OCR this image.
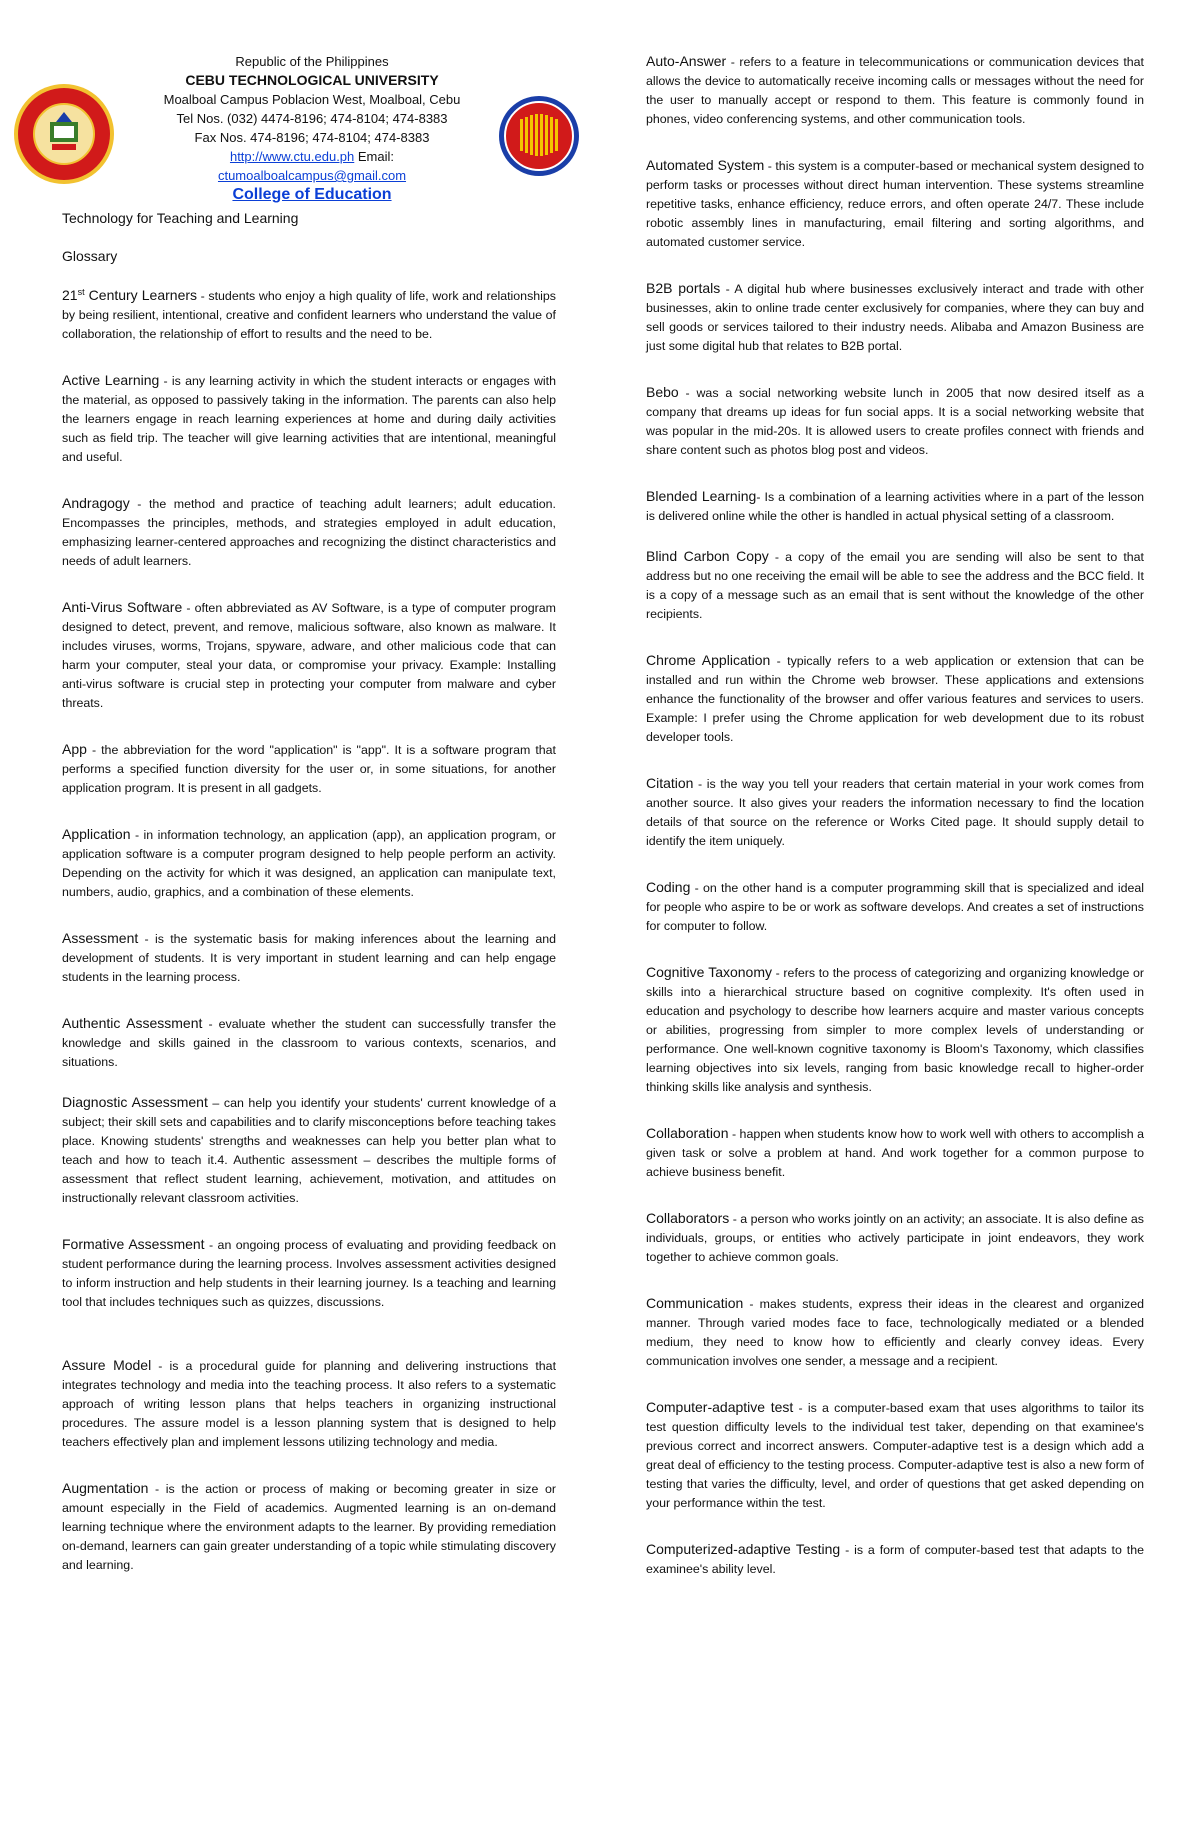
Republic of the Philippines
CEBU TECHNOLOGICAL UNIVERSITY
Moalboal Campus Poblacion West, Moalboal, Cebu
Tel Nos. (032) 4474-8196; 474-8104; 474-8383
Fax Nos. 474-8196; 474-8104; 474-8383
http://www.ctu.edu.ph Email:
ctumoalboalcampus@gmail.com
College of Education
Technology for Teaching and Learning
Glossary

21st Century Learners - students who enjoy a high quality of life, work and relationships by being resilient, intentional, creative and confident learners who understand the value of collaboration, the relationship of effort to results and the need to be.

Active Learning - is any learning activity in which the student interacts or engages with the material, as opposed to passively taking in the information. The parents can also help the learners engage in reach learning experiences at home and during daily activities such as field trip. The teacher will give learning activities that are intentional, meaningful and useful.

Andragogy - the method and practice of teaching adult learners; adult education. Encompasses the principles, methods, and strategies employed in adult education, emphasizing learner-centered approaches and recognizing the distinct characteristics and needs of adult learners.

Anti-Virus Software - often abbreviated as AV Software, is a type of computer program designed to detect, prevent, and remove, malicious software, also known as malware. It includes viruses, worms, Trojans, spyware, adware, and other malicious code that can harm your computer, steal your data, or compromise your privacy. Example: Installing anti-virus software is crucial step in protecting your computer from malware and cyber threats.

App - the abbreviation for the word "application" is "app". It is a software program that performs a specified function diversity for the user or, in some situations, for another application program. It is present in all gadgets.

Application - in information technology, an application (app), an application program, or application software is a computer program designed to help people perform an activity. Depending on the activity for which it was designed, an application can manipulate text, numbers, audio, graphics, and a combination of these elements.

Assessment - is the systematic basis for making inferences about the learning and development of students. It is very important in student learning and can help engage students in the learning process.

Authentic Assessment - evaluate whether the student can successfully transfer the knowledge and skills gained in the classroom to various contexts, scenarios, and situations.

Diagnostic Assessment – can help you identify your students' current knowledge of a subject; their skill sets and capabilities and to clarify misconceptions before teaching takes place. Knowing students' strengths and weaknesses can help you better plan what to teach and how to teach it.4. Authentic assessment – describes the multiple forms of assessment that reflect student learning, achievement, motivation, and attitudes on instructionally relevant classroom activities.

Formative Assessment - an ongoing process of evaluating and providing feedback on student performance during the learning process. Involves assessment activities designed to inform instruction and help students in their learning journey. Is a teaching and learning tool that includes techniques such as quizzes, discussions.

Assure Model - is a procedural guide for planning and delivering instructions that integrates technology and media into the teaching process. It also refers to a systematic approach of writing lesson plans that helps teachers in organizing instructional procedures. The assure model is a lesson planning system that is designed to help teachers effectively plan and implement lessons utilizing technology and media.

Augmentation - is the action or process of making or becoming greater in size or amount especially in the Field of academics. Augmented learning is an on-demand learning technique where the environment adapts to the learner. By providing remediation on-demand, learners can gain greater understanding of a topic while stimulating discovery and learning.

Auto-Answer - refers to a feature in telecommunications or communication devices that allows the device to automatically receive incoming calls or messages without the need for the user to manually accept or respond to them. This feature is commonly found in phones, video conferencing systems, and other communication tools.

Automated System - this system is a computer-based or mechanical system designed to perform tasks or processes without direct human intervention. These systems streamline repetitive tasks, enhance efficiency, reduce errors, and often operate 24/7. These include robotic assembly lines in manufacturing, email filtering and sorting algorithms, and automated customer service.

B2B portals - A digital hub where businesses exclusively interact and trade with other businesses, akin to online trade center exclusively for companies, where they can buy and sell goods or services tailored to their industry needs. Alibaba and Amazon Business are just some digital hub that relates to B2B portal.

Bebo - was a social networking website lunch in 2005 that now desired itself as a company that dreams up ideas for fun social apps. It is a social networking website that was popular in the mid-20s. It is allowed users to create profiles connect with friends and share content such as photos blog post and videos.

Blended Learning- Is a combination of a learning activities where in a part of the lesson is delivered online while the other is handled in actual physical setting of a classroom.

Blind Carbon Copy - a copy of the email you are sending will also be sent to that address but no one receiving the email will be able to see the address and the BCC field. It is a copy of a message such as an email that is sent without the knowledge of the other recipients.

Chrome Application - typically refers to a web application or extension that can be installed and run within the Chrome web browser. These applications and extensions enhance the functionality of the browser and offer various features and services to users. Example: I prefer using the Chrome application for web development due to its robust developer tools.

Citation - is the way you tell your readers that certain material in your work comes from another source. It also gives your readers the information necessary to find the location details of that source on the reference or Works Cited page. It should supply detail to identify the item uniquely.

Coding - on the other hand is a computer programming skill that is specialized and ideal for people who aspire to be or work as software develops. And creates a set of instructions for computer to follow.

Cognitive Taxonomy - refers to the process of categorizing and organizing knowledge or skills into a hierarchical structure based on cognitive complexity. It's often used in education and psychology to describe how learners acquire and master various concepts or abilities, progressing from simpler to more complex levels of understanding or performance. One well-known cognitive taxonomy is Bloom's Taxonomy, which classifies learning objectives into six levels, ranging from basic knowledge recall to higher-order thinking skills like analysis and synthesis.

Collaboration - happen when students know how to work well with others to accomplish a given task or solve a problem at hand. And work together for a common purpose to achieve business benefit.

Collaborators - a person who works jointly on an activity; an associate. It is also define as individuals, groups, or entities who actively participate in joint endeavors, they work together to achieve common goals.

Communication - makes students, express their ideas in the clearest and organized manner. Through varied modes face to face, technologically mediated or a blended medium, they need to know how to efficiently and clearly convey ideas. Every communication involves one sender, a message and a recipient.

Computer-adaptive test - is a computer-based exam that uses algorithms to tailor its test question difficulty levels to the individual test taker, depending on that examinee's previous correct and incorrect answers. Computer-adaptive test is a design which add a great deal of efficiency to the testing process. Computer-adaptive test is also a new form of testing that varies the difficulty, level, and order of questions that get asked depending on your performance within the test.

Computerized-adaptive Testing - is a form of computer-based test that adapts to the examinee's ability level.
